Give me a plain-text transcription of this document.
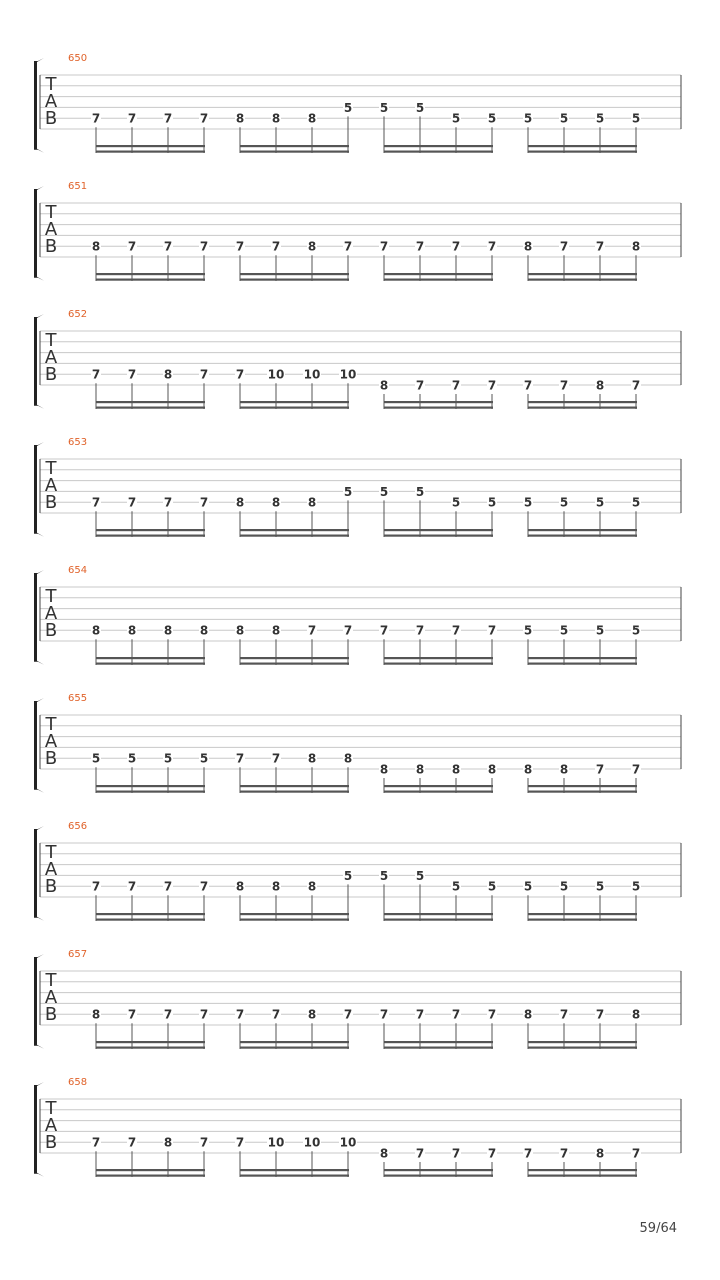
650
T
A
B	7 7 7 7 8 8 8
5 5 5
5 5 5 5 5 5
651
T
A
B	8 7 7 7 7 7 8 7 7 7 7 7 8 7 7 8
652
T
A
B	7 7 8 7 7 10 10 10
8 7 7 7 7 7 8 7
653
T
A
B	7 7 7 7 8 8 8
5 5 5
5 5 5 5 5 5
654
T
A
B	8 8 8 8 8 8 7 7 7 7 7 7 5 5 5 5
655
T
A
B	5 5 5 5 7 7 8 8
8 8 8 8 8 8 7 7
656
T
A
B	7 7 7 7 8 8 8
5 5 5
5 5 5 5 5 5
657
T
A
B	8 7 7 7 7 7 8 7 7 7 7 7 8 7 7 8
658
T
A
B	7 7 8 7 7 10 10 10
8 7 7 7 7 7 8 7
59/64
